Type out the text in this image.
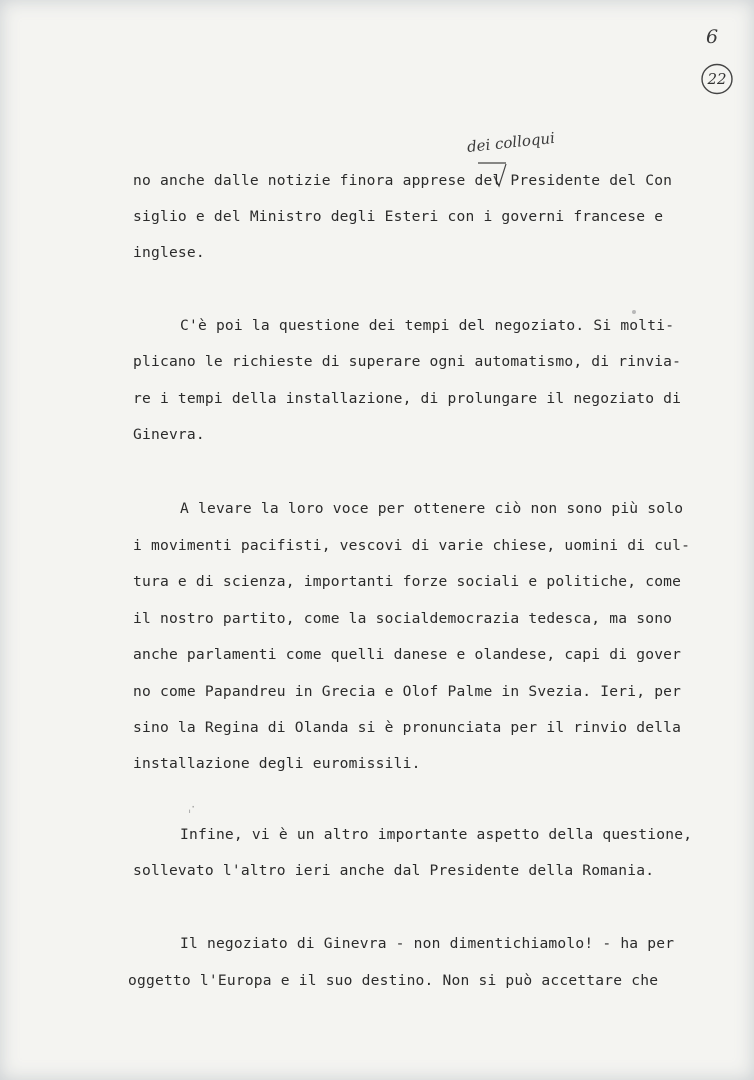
6
22
dei colloqui
no anche dalle notizie finora apprese del Presidente del Con
siglio e del Ministro degli Esteri con i governi francese e
inglese.
C'è poi la questione dei tempi del negoziato. Si molti-
plicano le richieste di superare ogni automatismo, di rinvia-
re i tempi della installazione, di prolungare il negoziato di
Ginevra.
A levare la loro voce per ottenere ciò non sono più solo
i movimenti pacifisti, vescovi di varie chiese, uomini di cul-
tura e di scienza, importanti forze sociali e politiche, come
il nostro partito, come la socialdemocrazia tedesca, ma sono
anche parlamenti come quelli danese e olandese, capi di gover
no come Papandreu in Grecia e Olof Palme in Svezia. Ieri, per
sino la Regina di Olanda si è pronunciata per il rinvio della
installazione degli euromissili.
ˌ·
Infine, vi è un altro importante aspetto della questione,
sollevato l'altro ieri anche dal Presidente della Romania.
Il negoziato di Ginevra - non dimentichiamolo! - ha per
oggetto l'Europa e il suo destino. Non si può accettare che
